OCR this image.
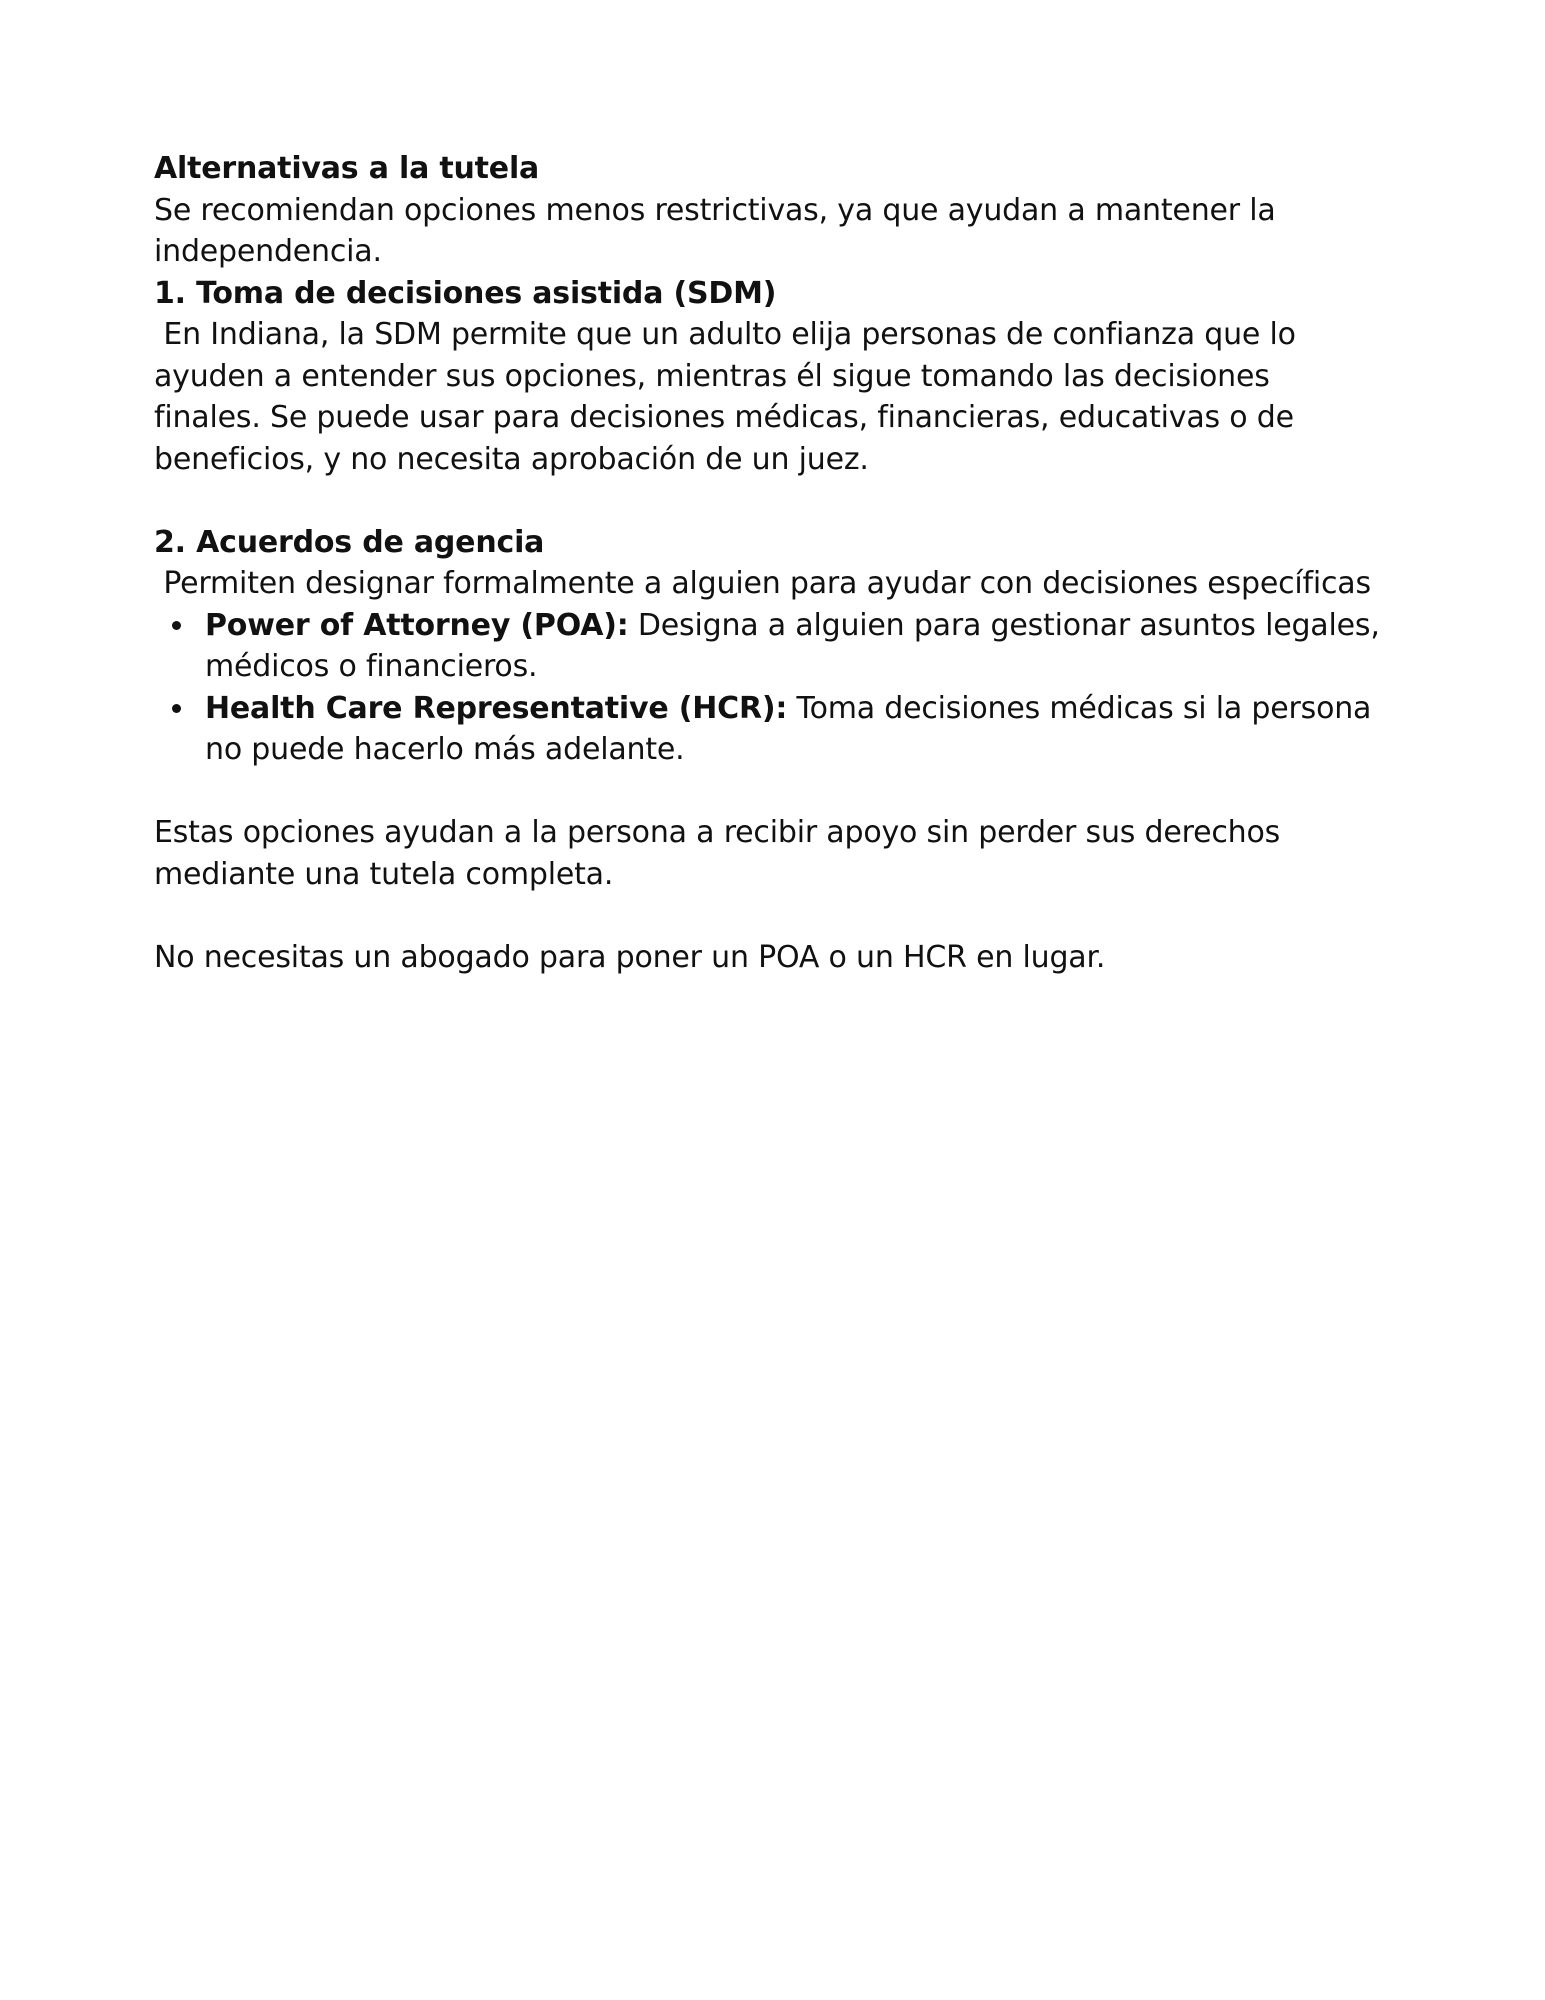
Alternativas a la tutela

Se recomiendan opciones menos restrictivas, ya que ayudan a mantener la independencia.

1. Toma de decisiones asistida (SDM)

En Indiana, la SDM permite que un adulto elija personas de confianza que lo ayuden a entender sus opciones, mientras él sigue tomando las decisiones finales. Se puede usar para decisiones médicas, financieras, educativas o de beneficios, y no necesita aprobación de un juez.

2. Acuerdos de agencia

Permiten designar formalmente a alguien para ayudar con decisiones específicas

Power of Attorney (POA): Designa a alguien para gestionar asuntos legales, médicos o financieros.
Health Care Representative (HCR): Toma decisiones médicas si la persona no puede hacerlo más adelante.

Estas opciones ayudan a la persona a recibir apoyo sin perder sus derechos mediante una tutela completa.

No necesitas un abogado para poner un POA o un HCR en lugar.
